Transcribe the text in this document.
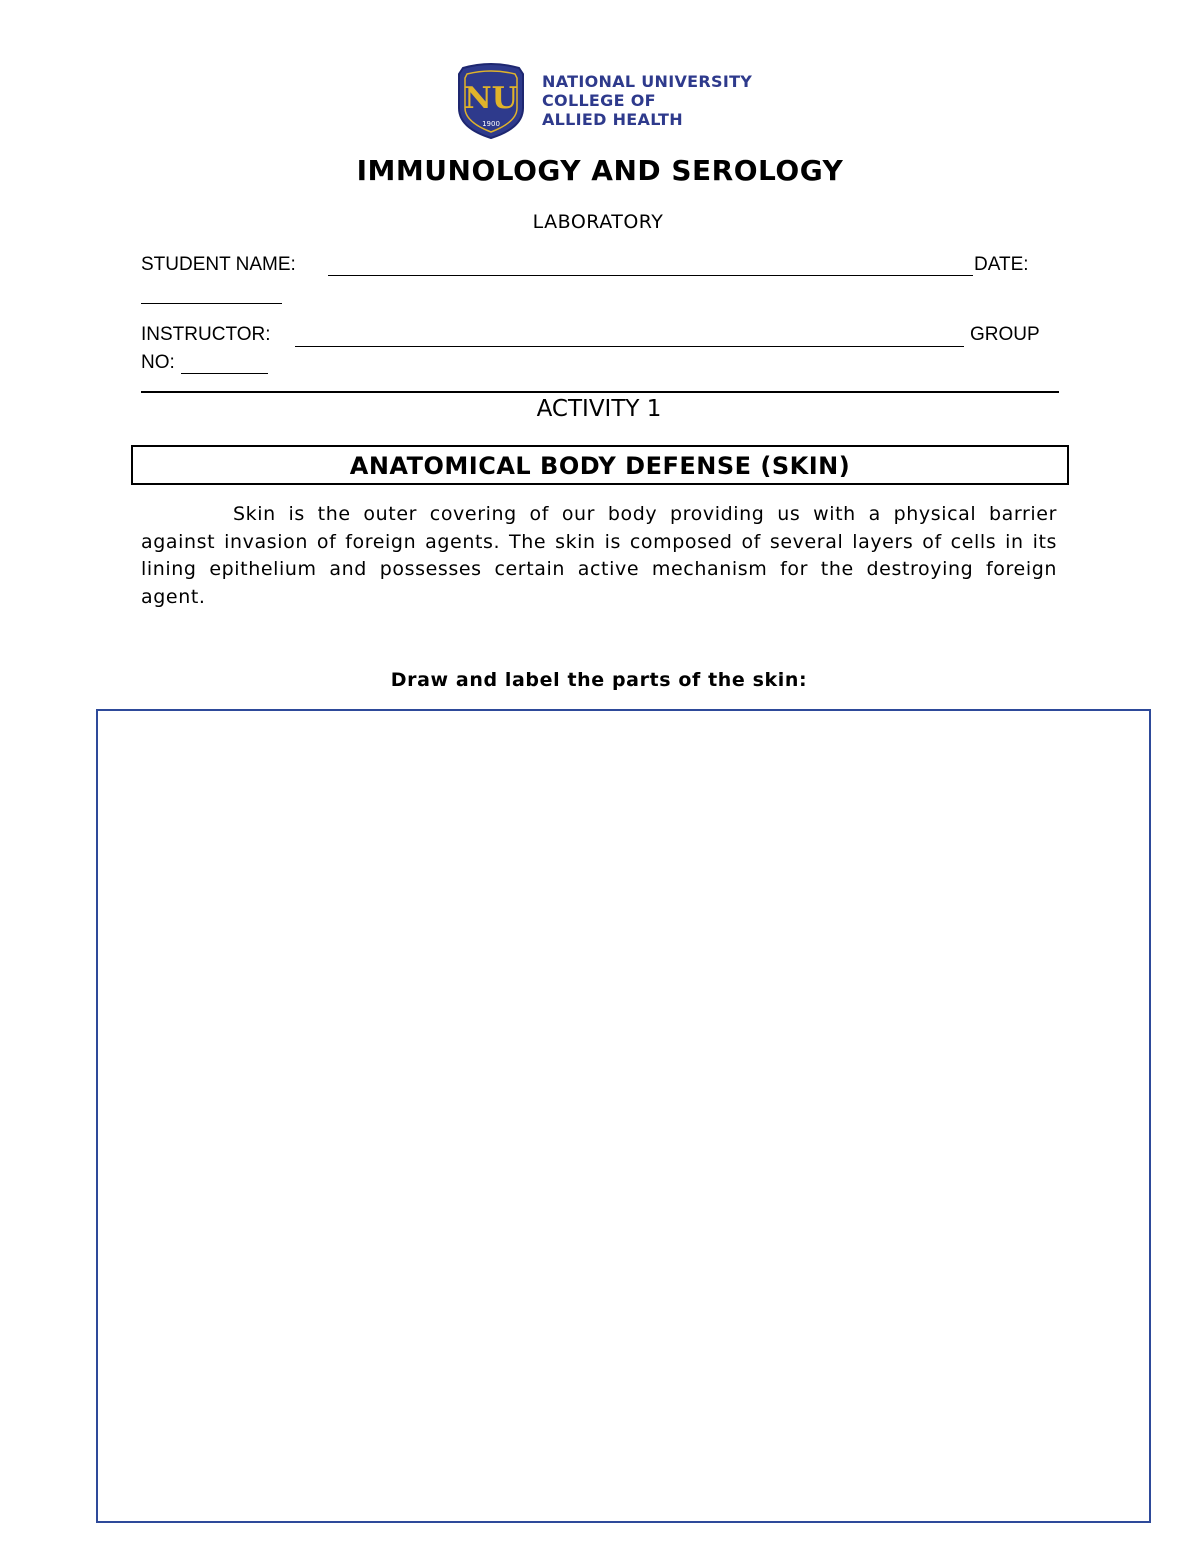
NU
1900
NATIONAL UNIVERSITY
COLLEGE OF
ALLIED HEALTH
IMMUNOLOGY AND SEROLOGY
LABORATORY
STUDENT NAME:	DATE:
INSTRUCTOR:	GROUP
NO:
ACTIVITY 1
ANATOMICAL BODY DEFENSE (SKIN)
Skin is the outer covering of our body providing us with a physical barrier against invasion of foreign agents. The skin is composed of several layers of cells in its lining epithelium and possesses certain active mechanism for the destroying foreign agent.
Draw and label the parts of the skin:
